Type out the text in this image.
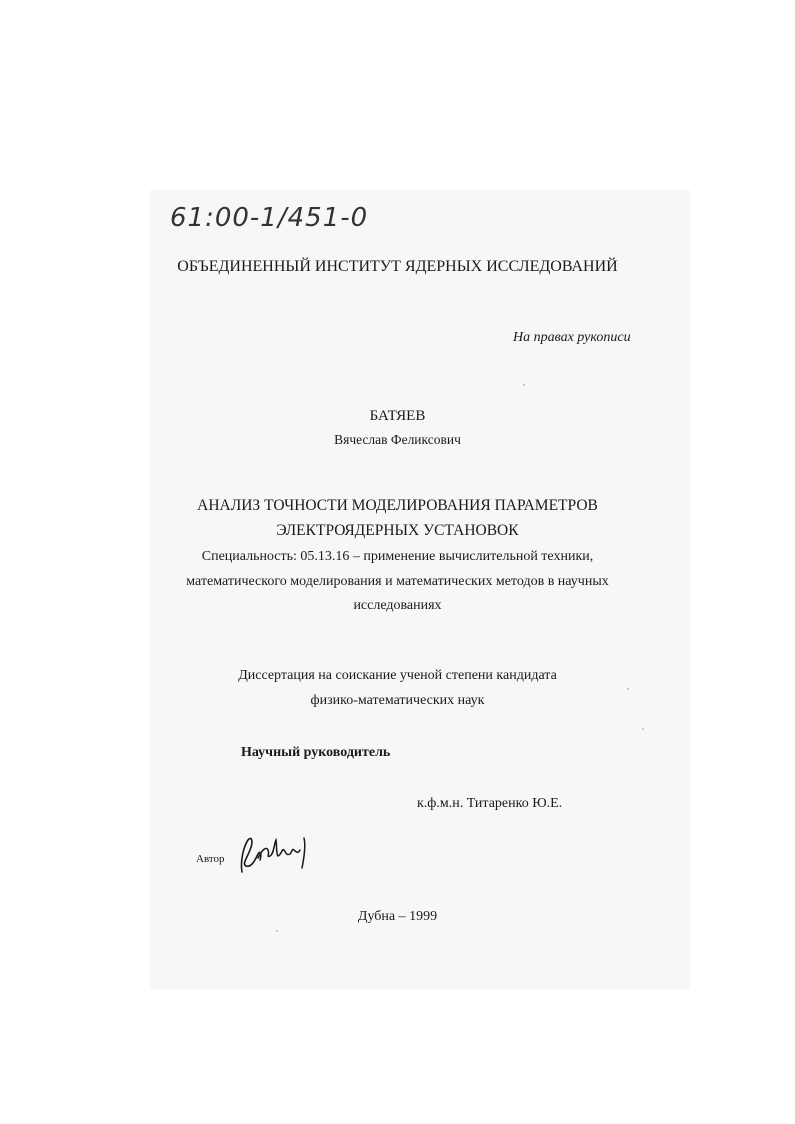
61:00-1/451-0
ОБЪЕДИНЕННЫЙ ИНСТИТУТ ЯДЕРНЫХ ИССЛЕДОВАНИЙ
На правах рукописи
БАТЯЕВ
Вячеслав Феликсович
АНАЛИЗ ТОЧНОСТИ МОДЕЛИРОВАНИЯ ПАРАМЕТРОВ
ЭЛЕКТРОЯДЕРНЫХ УСТАНОВОК
Специальность: 05.13.16 – применение вычислительной техники,
математического моделирования и математических методов в научных
исследованиях
Диссертация на соискание ученой степени кандидата
физико-математических наук
Научный руководитель
к.ф.м.н. Титаренко Ю.Е.
Автор
Дубна – 1999
